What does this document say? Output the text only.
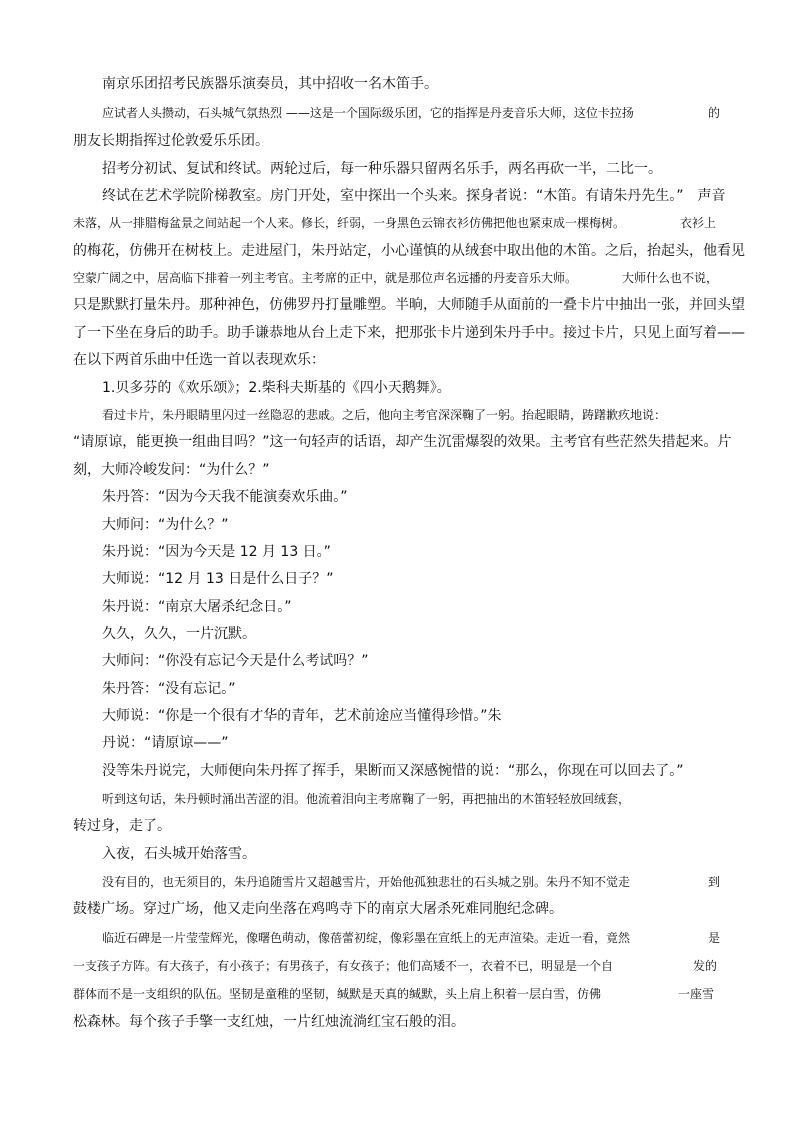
南京乐团招考民族器乐演奏员，其中招收一名木笛手。
应试者人头攒动，石头城气氛热烈 ——这是一个国际级乐团，它的指挥是丹麦音乐大师，这位卡拉扬	的
朋友长期指挥过伦敦爱乐乐团。
招考分初试、复试和终试。两轮过后，每一种乐器只留两名乐手，两名再砍一半，二比一。
终试在艺术学院阶梯教室。房门开处，室中探出一个头来。探身者说：“木笛。有请朱丹先生。”　声音
未落，从一排腊梅盆景之间站起一个人来。修长，纤弱，一身黑色云锦衣衫仿佛把他也紧束成一棵梅树。	衣衫上
的梅花，仿佛开在树枝上。走进屋门，朱丹站定，小心谨慎的从绒套中取出他的木笛。之后，抬起头，他看见
空蒙广阔之中，居高临下排着一列主考官。主考席的正中，就是那位声名远播的丹麦音乐大师。	大师什么也不说，
只是默默打量朱丹。那种神色，仿佛罗丹打量雕塑。半晌，大师随手从面前的一叠卡片中抽出一张，并回头望
了一下坐在身后的助手。助手谦恭地从台上走下来，把那张卡片递到朱丹手中。接过卡片，只见上面写着——
在以下两首乐曲中任选一首以表现欢乐：
1.贝多芬的《欢乐颂》；2.柴科夫斯基的《四小天鹅舞》。
看过卡片，朱丹眼睛里闪过一丝隐忍的悲戚。之后，他向主考官深深鞠了一躬。抬起眼睛，踌躇歉疚地说：
“请原谅，能更换一组曲目吗？”这一句轻声的话语，却产生沉雷爆裂的效果。主考官有些茫然失措起来。片
刻，大师冷峻发问：“为什么？”
朱丹答：“因为今天我不能演奏欢乐曲。”
大师问：“为什么？”
朱丹说：“因为今天是 12 月 13 日。”
大师说：“12 月 13 日是什么日子？”
朱丹说：“南京大屠杀纪念日。”
久久，久久，一片沉默。
大师问：“你没有忘记今天是什么考试吗？”
朱丹答：“没有忘记。”
大师说：“你是一个很有才华的青年，艺术前途应当懂得珍惜。”朱
丹说：“请原谅——”
没等朱丹说完，大师便向朱丹挥了挥手，果断而又深感惋惜的说：“那么，你现在可以回去了。”
听到这句话，朱丹顿时涌出苦涩的泪。他流着泪向主考席鞠了一躬，再把抽出的木笛轻轻放回绒套，
转过身，走了。
入夜，石头城开始落雪。
没有目的，也无须目的，朱丹追随雪片又超越雪片，开始他孤独悲壮的石头城之别。朱丹不知不觉走	到
鼓楼广场。穿过广场，他又走向坐落在鸡鸣寺下的南京大屠杀死难同胞纪念碑。
临近石碑是一片莹莹辉光，像曙色萌动，像蓓蕾初绽，像彩墨在宣纸上的无声渲染。走近一看，竟然	是
一支孩子方阵。有大孩子，有小孩子；有男孩子，有女孩子；他们高矮不一，衣着不已，明显是一个自	发的
群体而不是一支组织的队伍。坚韧是童稚的坚韧，缄默是天真的缄默，头上肩上积着一层白雪，仿佛	一座雪
松森林。每个孩子手擎一支红烛，一片红烛流淌红宝石般的泪。
